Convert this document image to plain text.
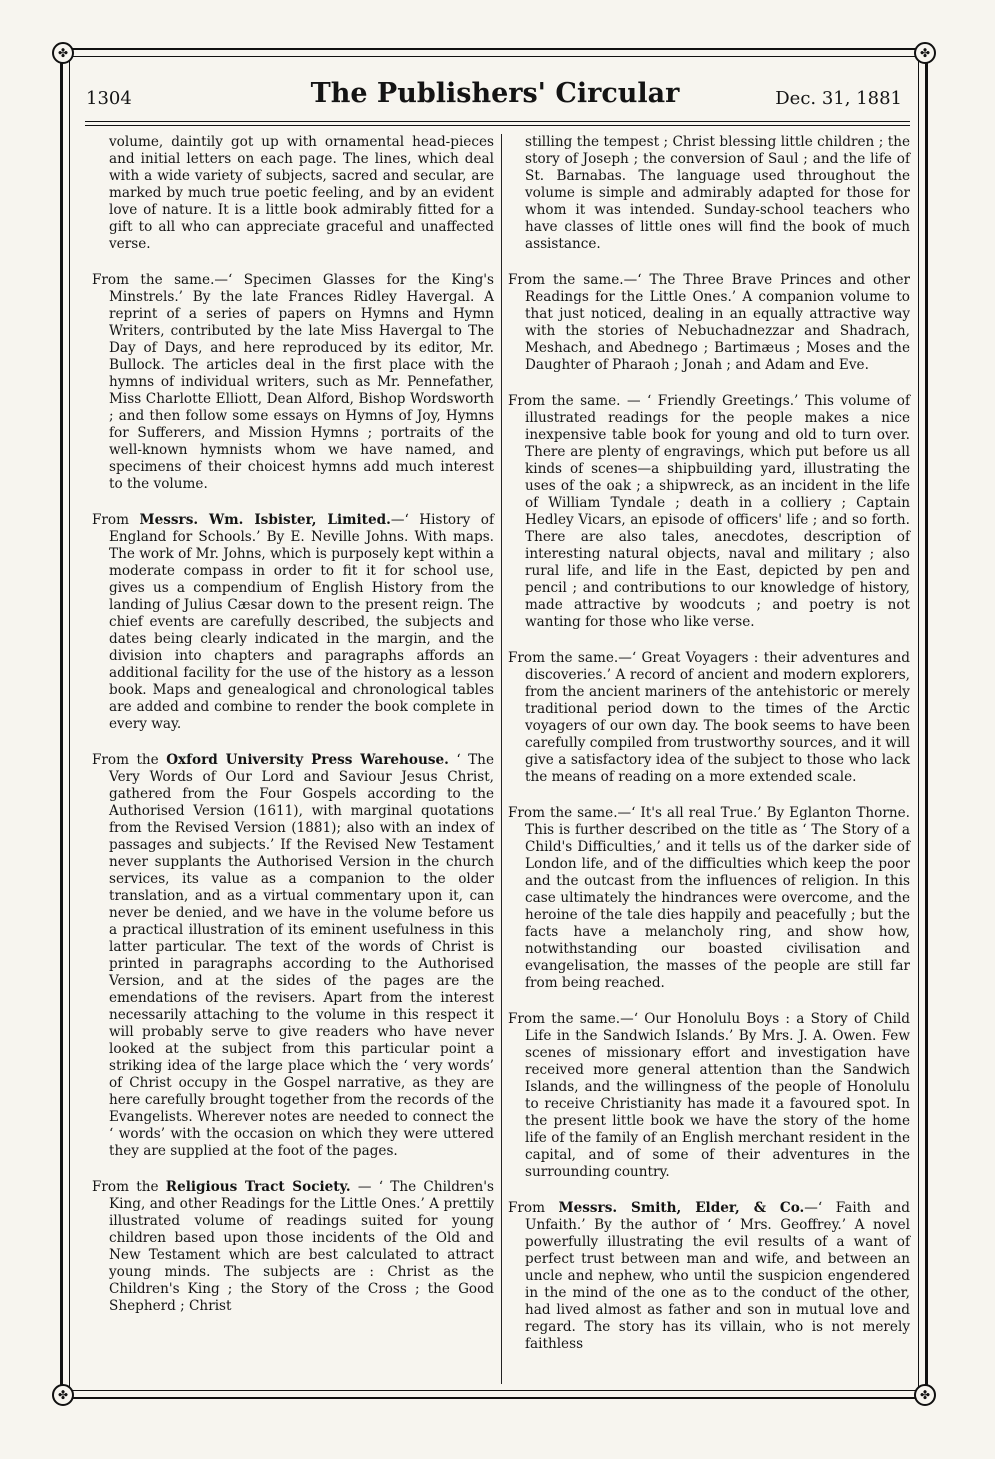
✤	✤
✤	✤
The Publishers' Circular
1304	Dec. 31, 1881

volume, daintily got up with ornamental head-pieces and initial letters on each page. The lines, which deal with a wide variety of subjects, sacred and secular, are marked by much true poetic feeling, and by an evident love of nature. It is a little book admirably fitted for a gift to all who can appreciate graceful and unaffected verse.

From the same.—‘ Specimen Glasses for the King's Minstrels.’ By the late Frances Ridley Havergal. A reprint of a series of papers on Hymns and Hymn Writers, contributed by the late Miss Havergal to The Day of Days, and here reproduced by its editor, Mr. Bullock. The articles deal in the first place with the hymns of individual writers, such as Mr. Pennefather, Miss Charlotte Elliott, Dean Alford, Bishop Wordsworth ; and then follow some essays on Hymns of Joy, Hymns for Sufferers, and Mission Hymns ; portraits of the well-known hymnists whom we have named, and specimens of their choicest hymns add much interest to the volume.

From Messrs. Wm. Isbister, Limited.—‘ History of England for Schools.’ By E. Neville Johns. With maps. The work of Mr. Johns, which is purposely kept within a moderate compass in order to fit it for school use, gives us a compendium of English History from the landing of Julius Cæsar down to the present reign. The chief events are carefully described, the subjects and dates being clearly indicated in the margin, and the division into chapters and paragraphs affords an additional facility for the use of the history as a lesson book. Maps and genealogical and chronological tables are added and combine to render the book complete in every way.

From the Oxford University Press Warehouse. ‘ The Very Words of Our Lord and Saviour Jesus Christ, gathered from the Four Gospels according to the Authorised Version (1611), with marginal quotations from the Revised Version (1881); also with an index of passages and subjects.’ If the Revised New Testament never supplants the Authorised Version in the church services, its value as a companion to the older translation, and as a virtual commentary upon it, can never be denied, and we have in the volume before us a practical illustration of its eminent usefulness in this latter particular. The text of the words of Christ is printed in paragraphs according to the Authorised Version, and at the sides of the pages are the emendations of the revisers. Apart from the interest necessarily attaching to the volume in this respect it will probably serve to give readers who have never looked at the subject from this particular point a striking idea of the large place which the ‘ very words’ of Christ occupy in the Gospel narrative, as they are here carefully brought together from the records of the Evangelists. Wherever notes are needed to connect the ‘ words’ with the occasion on which they were uttered they are supplied at the foot of the pages.

From the Religious Tract Society. — ‘ The Children's King, and other Readings for the Little Ones.’ A prettily illustrated volume of readings suited for young children based upon those incidents of the Old and New Testament which are best calculated to attract young minds. The subjects are : Christ as the Children's King ; the Story of the Cross ; the Good Shepherd ; Christ

stilling the tempest ; Christ blessing little children ; the story of Joseph ; the conversion of Saul ; and the life of St. Barnabas. The language used throughout the volume is simple and admirably adapted for those for whom it was intended. Sunday-school teachers who have classes of little ones will find the book of much assistance.

From the same.—‘ The Three Brave Princes and other Readings for the Little Ones.’ A companion volume to that just noticed, dealing in an equally attractive way with the stories of Nebuchadnezzar and Shadrach, Meshach, and Abednego ; Bartimæus ; Moses and the Daughter of Pharaoh ; Jonah ; and Adam and Eve.

From the same. — ‘ Friendly Greetings.’ This volume of illustrated readings for the people makes a nice inexpensive table book for young and old to turn over. There are plenty of engravings, which put before us all kinds of scenes—a shipbuilding yard, illustrating the uses of the oak ; a shipwreck, as an incident in the life of William Tyndale ; death in a colliery ; Captain Hedley Vicars, an episode of officers' life ; and so forth. There are also tales, anecdotes, description of interesting natural objects, naval and military ; also rural life, and life in the East, depicted by pen and pencil ; and contributions to our knowledge of history, made attractive by woodcuts ; and poetry is not wanting for those who like verse.

From the same.—‘ Great Voyagers : their adventures and discoveries.’ A record of ancient and modern explorers, from the ancient mariners of the antehistoric or merely traditional period down to the times of the Arctic voyagers of our own day. The book seems to have been carefully compiled from trustworthy sources, and it will give a satisfactory idea of the subject to those who lack the means of reading on a more extended scale.

From the same.—‘ It's all real True.’ By Eglanton Thorne. This is further described on the title as ‘ The Story of a Child's Difficulties,’ and it tells us of the darker side of London life, and of the difficulties which keep the poor and the outcast from the influences of religion. In this case ultimately the hindrances were overcome, and the heroine of the tale dies happily and peacefully ; but the facts have a melancholy ring, and show how, notwithstanding our boasted civilisation and evangelisation, the masses of the people are still far from being reached.

From the same.—‘ Our Honolulu Boys : a Story of Child Life in the Sandwich Islands.’ By Mrs. J. A. Owen. Few scenes of missionary effort and investigation have received more general attention than the Sandwich Islands, and the willingness of the people of Honolulu to receive Christianity has made it a favoured spot. In the present little book we have the story of the home life of the family of an English merchant resident in the capital, and of some of their adventures in the surrounding country.

From Messrs. Smith, Elder, & Co.—‘ Faith and Unfaith.’ By the author of ‘ Mrs. Geoffrey.’ A novel powerfully illustrating the evil results of a want of perfect trust between man and wife, and between an uncle and nephew, who until the suspicion engendered in the mind of the one as to the conduct of the other, had lived almost as father and son in mutual love and regard. The story has its villain, who is not merely faithless
